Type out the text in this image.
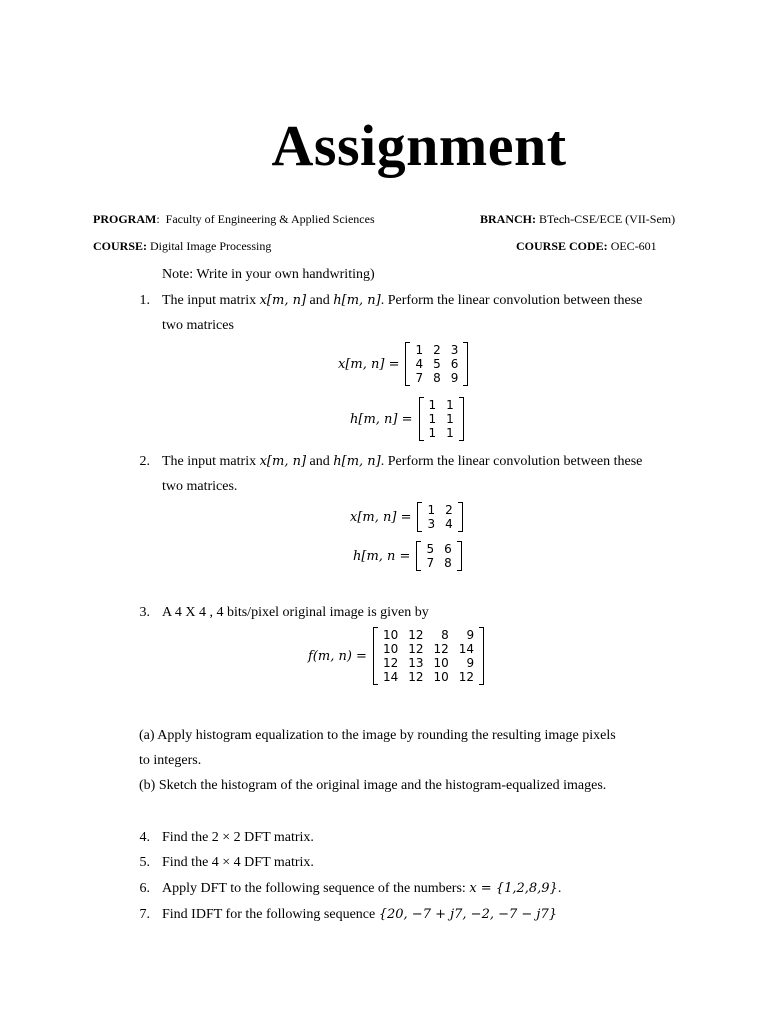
Assignment
PROGRAM:  Faculty of Engineering & Applied Sciences	BRANCH: BTech-CSE/ECE (VII-Sem)
COURSE: Digital Image Processing	COURSE CODE: OEC-601
Note: Write in your own handwriting)
1. The input matrix x[m, n] and h[m, n]. Perform the linear convolution between these
two matrices
x[m, n] =
1	2	3
4	5	6
7	8	9
h[m, n] =
1	1
1	1
1	1
2. The input matrix x[m, n] and h[m, n]. Perform the linear convolution between these
two matrices.
x[m, n] = 1	2
3	4
h[m, n = 5	6
7	8
3. A 4 X 4 , 4 bits/pixel original image is given by
f(m, n) =
10	12	8	9
10	12	12	14
12	13	10	9
14	12	10	12
(a) Apply histogram equalization to the image by rounding the resulting image pixels
to integers.
(b) Sketch the histogram of the original image and the histogram-equalized images.
4. Find the 2 × 2 DFT matrix.
5. Find the 4 × 4 DFT matrix.
6. Apply DFT to the following sequence of the numbers: x = {1,2,8,9}.
7. Find IDFT for the following sequence {20, −7 + j7, −2, −7 − j7}
